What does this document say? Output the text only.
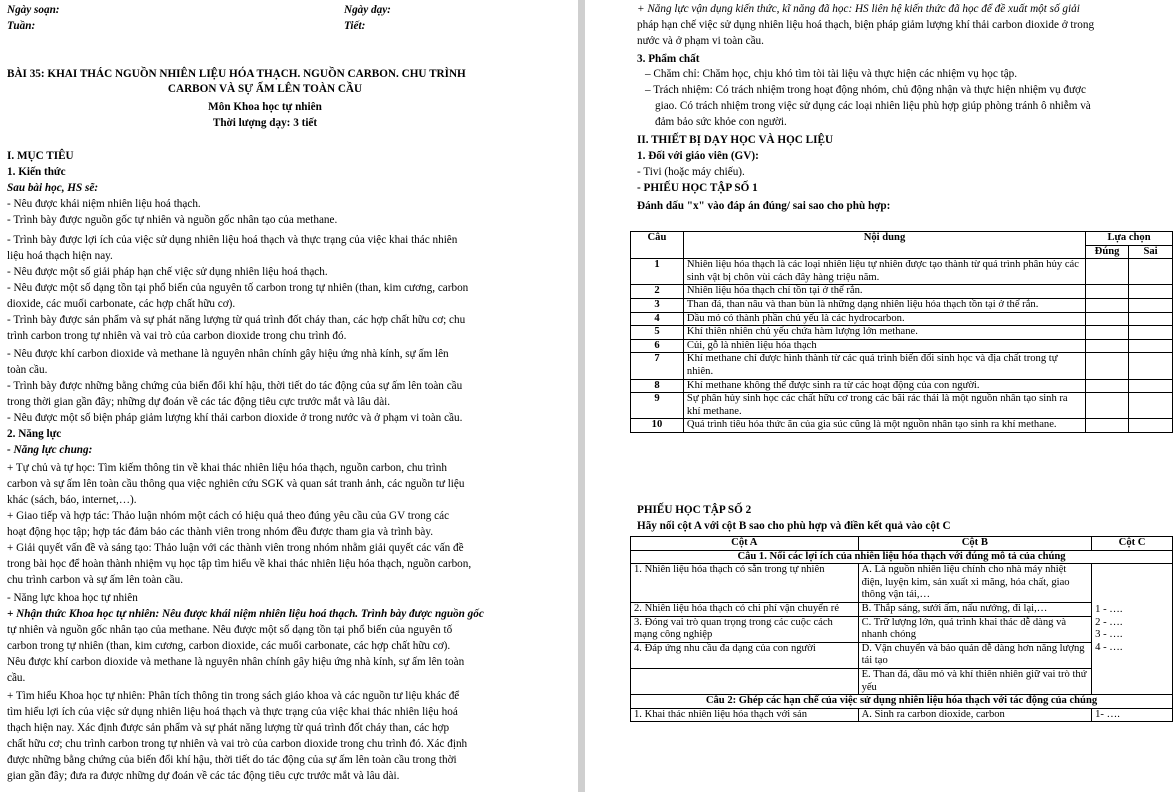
Ngày soạn:	Ngày dạy:
Tuần:	Tiết:
BÀI 35: KHAI THÁC NGUỒN NHIÊN LIỆU HÓA THẠCH. NGUỒN CARBON. CHU TRÌNH
CARBON VÀ SỰ ẤM LÊN TOÀN CẦU
Môn Khoa học tự nhiên
Thời lượng dạy: 3 tiết
I. MỤC TIÊU
1. Kiến thức
Sau bài học, HS sẽ:
- Nêu được khái niệm nhiên liệu hoá thạch.
- Trình bày được nguồn gốc tự nhiên và nguồn gốc nhân tạo của methane.
- Trình bày được lợi ích của việc sử dụng nhiên liệu hoá thạch và thực trạng của việc khai thác nhiên
liệu hoá thạch hiện nay.
- Nêu được một số giải pháp hạn chế việc sử dụng nhiên liệu hoá thạch.
- Nêu được một số dạng tồn tại phổ biến của nguyên tố carbon trong tự nhiên (than, kim cương, carbon
dioxide, các muối carbonate, các hợp chất hữu cơ).
- Trình bày được sản phẩm và sự phát năng lượng từ quá trình đốt cháy than, các hợp chất hữu cơ; chu
trình carbon trong tự nhiên và vai trò của carbon dioxide trong chu trình đó.
- Nêu được khí carbon dioxide và methane là nguyên nhân chính gây hiệu ứng nhà kính, sự ấm lên
toàn cầu.
- Trình bày được những bằng chứng của biến đổi khí hậu, thời tiết do tác động của sự ấm lên toàn cầu
trong thời gian gần đây; những dự đoán về các tác động tiêu cực trước mắt và lâu dài.
- Nêu được một số biện pháp giảm lượng khí thải carbon dioxide ở trong nước và ở phạm vi toàn cầu.
2. Năng lực
- Năng lực chung:
+ Tự chủ và tự học: Tìm kiếm thông tin về khai thác nhiên liệu hóa thạch, nguồn carbon, chu trình
carbon và sự ấm lên toàn cầu thông qua việc nghiên cứu SGK và quan sát tranh ảnh, các nguồn tư liệu
khác (sách, báo, internet,…).
+ Giao tiếp và hợp tác: Thảo luận nhóm một cách có hiệu quả theo đúng yêu cầu của GV trong các
hoạt động học tập; hợp tác đảm bảo các thành viên trong nhóm đều được tham gia và trình bày.
+ Giải quyết vấn đề và sáng tạo: Thảo luận với các thành viên trong nhóm nhằm giải quyết các vấn đề
trong bài học để hoàn thành nhiệm vụ học tập tìm hiểu về khai thác nhiên liệu hóa thạch, nguồn carbon,
chu trình carbon và sự ấm lên toàn cầu.
- Năng lực khoa học tự nhiên
+ Nhận thức Khoa học tự nhiên: Nêu được khái niệm nhiên liệu hoá thạch. Trình bày được nguồn gốc
tự nhiên và nguồn gốc nhân tạo của methane. Nêu được một số dạng tồn tại phổ biến của nguyên tố
carbon trong tự nhiên (than, kim cương, carbon dioxide, các muối carbonate, các hợp chất hữu cơ).
Nêu được khí carbon dioxide và methane là nguyên nhân chính gây hiệu ứng nhà kính, sự ấm lên toàn
cầu.
+ Tìm hiểu Khoa học tự nhiên: Phân tích thông tin trong sách giáo khoa và các nguồn tư liệu khác để
tìm hiểu lợi ích của việc sử dụng nhiên liệu hoá thạch và thực trạng của việc khai thác nhiên liệu hoá
thạch hiện nay. Xác định được sản phẩm và sự phát năng lượng từ quá trình đốt cháy than, các hợp
chất hữu cơ; chu trình carbon trong tự nhiên và vai trò của carbon dioxide trong chu trình đó. Xác định
được những bằng chứng của biến đổi khí hậu, thời tiết do tác động của sự ấm lên toàn cầu trong thời
gian gần đây; đưa ra được những dự đoán về các tác động tiêu cực trước mắt và lâu dài.
+ Năng lực vận dụng kiến thức, kĩ năng đã học: HS liên hệ kiến thức đã học để đề xuất một số giải
pháp hạn chế việc sử dụng nhiên liệu hoá thạch, biện pháp giảm lượng khí thải carbon dioxide ở trong
nước và ở phạm vi toàn cầu.
3. Phẩm chất
– Chăm chỉ: Chăm học, chịu khó tìm tòi tài liệu và thực hiện các nhiệm vụ học tập.
– Trách nhiệm: Có trách nhiệm trong hoạt động nhóm, chủ động nhận và thực hiện nhiệm vụ được
giao. Có trách nhiệm trong việc sử dụng các loại nhiên liệu phù hợp giúp phòng tránh ô nhiễm và
đảm bảo sức khỏe con người.
II. THIẾT BỊ DẠY HỌC VÀ HỌC LIỆU
1. Đối với giáo viên (GV):
- Tivi (hoặc máy chiếu).
- PHIẾU HỌC TẬP SỐ 1
Đánh dấu "x" vào đáp án đúng/ sai sao cho phù hợp:
Câu	Nội dung	Lựa chọn	
		Đúng	Sai
1	Nhiên liệu hóa thạch là các loại nhiên liệu tự nhiên được tạo thành từ quá trình phân hủy các sinh vật bị chôn vùi cách đây hàng triệu năm.		
2	Nhiên liệu hóa thạch chỉ tồn tại ở thể rắn.		
3	Than đá, than nâu và than bùn là những dạng nhiên liệu hóa thạch tồn tại ở thể rắn.		
4	Dầu mỏ có thành phần chủ yếu là các hydrocarbon.		
5	Khí thiên nhiên chủ yếu chứa hàm lượng lớn methane.		
6	Củi, gỗ là nhiên liệu hóa thạch		
7	Khí methane chỉ được hình thành từ các quá trình biến đổi sinh học và địa chất trong tự nhiên.		
8	Khí methane không thể được sinh ra từ các hoạt động của con người.		
9	Sự phân hủy sinh học các chất hữu cơ trong các bãi rác thải là một nguồn nhân tạo sinh ra khí methane.		
10	Quá trình tiêu hóa thức ăn của gia súc cũng là một nguồn nhân tạo sinh ra khí methane.		
PHIẾU HỌC TẬP SỐ 2
Hãy nối cột A với cột B sao cho phù hợp và điền kết quả vào cột C
Cột A	Cột B	Cột C
Câu 1. Nối các lợi ích của nhiên liệu hóa thạch với đúng mô tả của chúng		
1. Nhiên liệu hóa thạch có sẵn trong tự nhiên	A. Là nguồn nhiên liệu chính cho nhà máy nhiệt điện, luyện kim, sản xuất xi măng, hóa chất, giao thông vận tải,…	1 - ….
2 - ….
3 - ….
4 - ….

2. Nhiên liệu hóa thạch có chi phí vận chuyển rẻ	B. Thắp sáng, sưởi ấm, nấu nướng, đi lại,…	
3. Đóng vai trò quan trọng trong các cuộc cách mạng công nghiệp	C. Trữ lượng lớn, quá trình khai thác dễ dàng và nhanh chóng	
4. Đáp ứng nhu cầu đa dạng của con người	D. Vận chuyển và bảo quản dễ dàng hơn năng lượng tái tạo	
	E. Than đá, dầu mỏ và khí thiên nhiên giữ vai trò thứ yếu	
Câu 2: Ghép các hạn chế của việc sử dụng nhiên liệu hóa thạch với tác động của chúng		
1. Khai thác nhiên liệu hóa thạch với sản	A. Sinh ra carbon dioxide, carbon	1- ….
